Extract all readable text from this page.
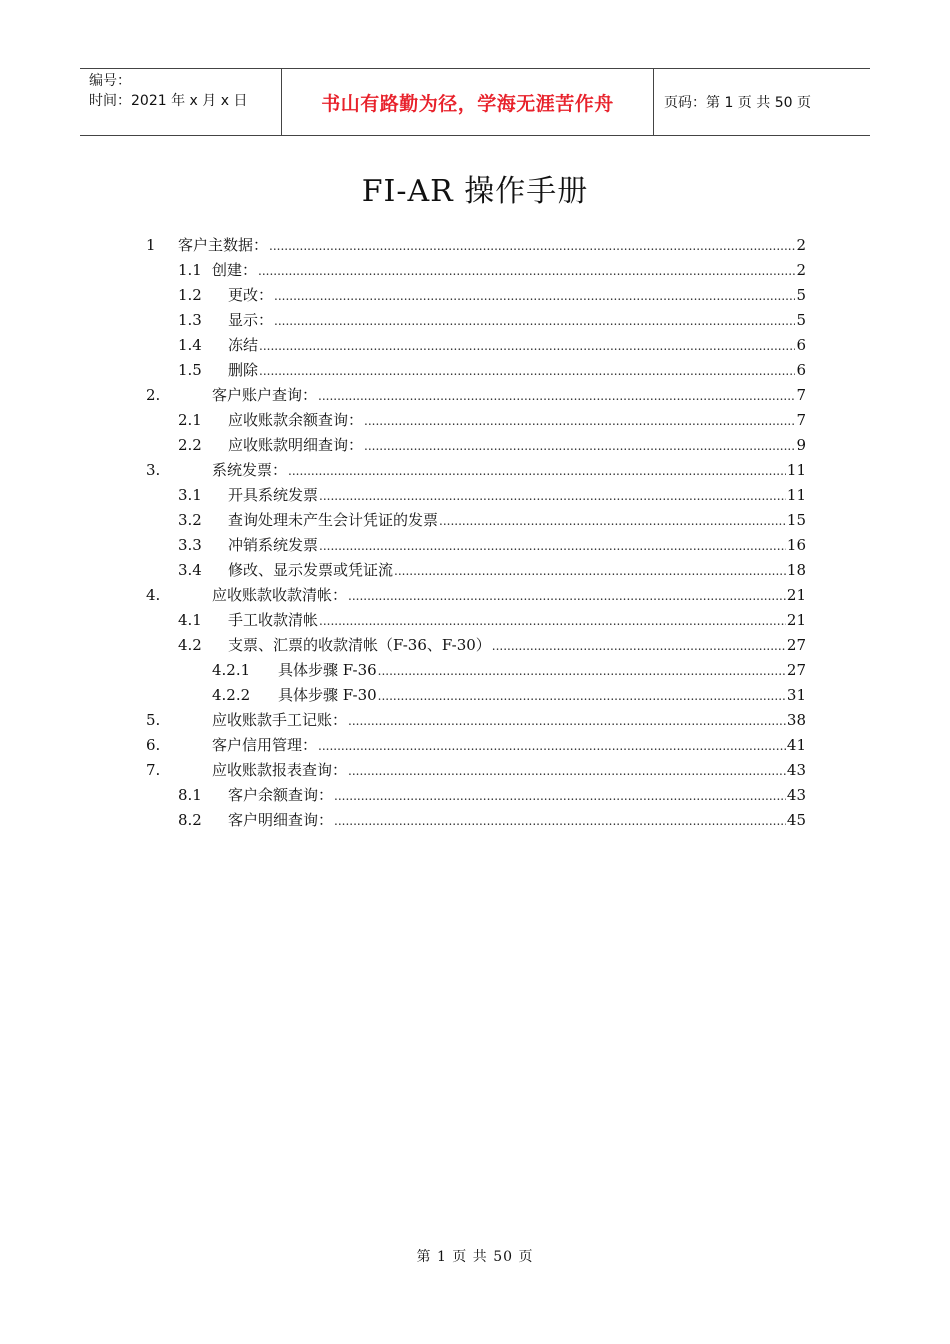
编号：
时间：2021 年 x 月 x 日	书山有路勤为径，学海无涯苦作舟	页码：第 1 页 共 50 页
FI-AR 操作手册
1	客户主数据： .....	2
1.1 创建： .....	2
1.2	更改： .....	5
1.3	显示： .....	5
1.4	冻结 .....	6
1.5	删除 .....	6
2.	客户账户查询： .....	7
2.1	应收账款余额查询： .....	7
2.2	应收账款明细查询： .....	9
3.	系统发票： .....	11
3.1	开具系统发票 .....	11
3.2	查询处理未产生会计凭证的发票 .....	15
3.3	冲销系统发票 .....	16
3.4	修改、显示发票或凭证流 .....	18
4.	应收账款收款清帐： .....	21
4.1	手工收款清帐 .....	21
4.2	支票、汇票的收款清帐（F-36、F-30） .....	27
4.2.1	具体步骤 F-36 .....	27
4.2.2	具体步骤 F-30 .....	31
5.	应收账款手工记账： .....	38
6.	客户信用管理： .....	41
7.	应收账款报表查询： .....	43
8.1	客户余额查询： .....	43
8.2	客户明细查询： .....	45
第 1 页 共 50 页
